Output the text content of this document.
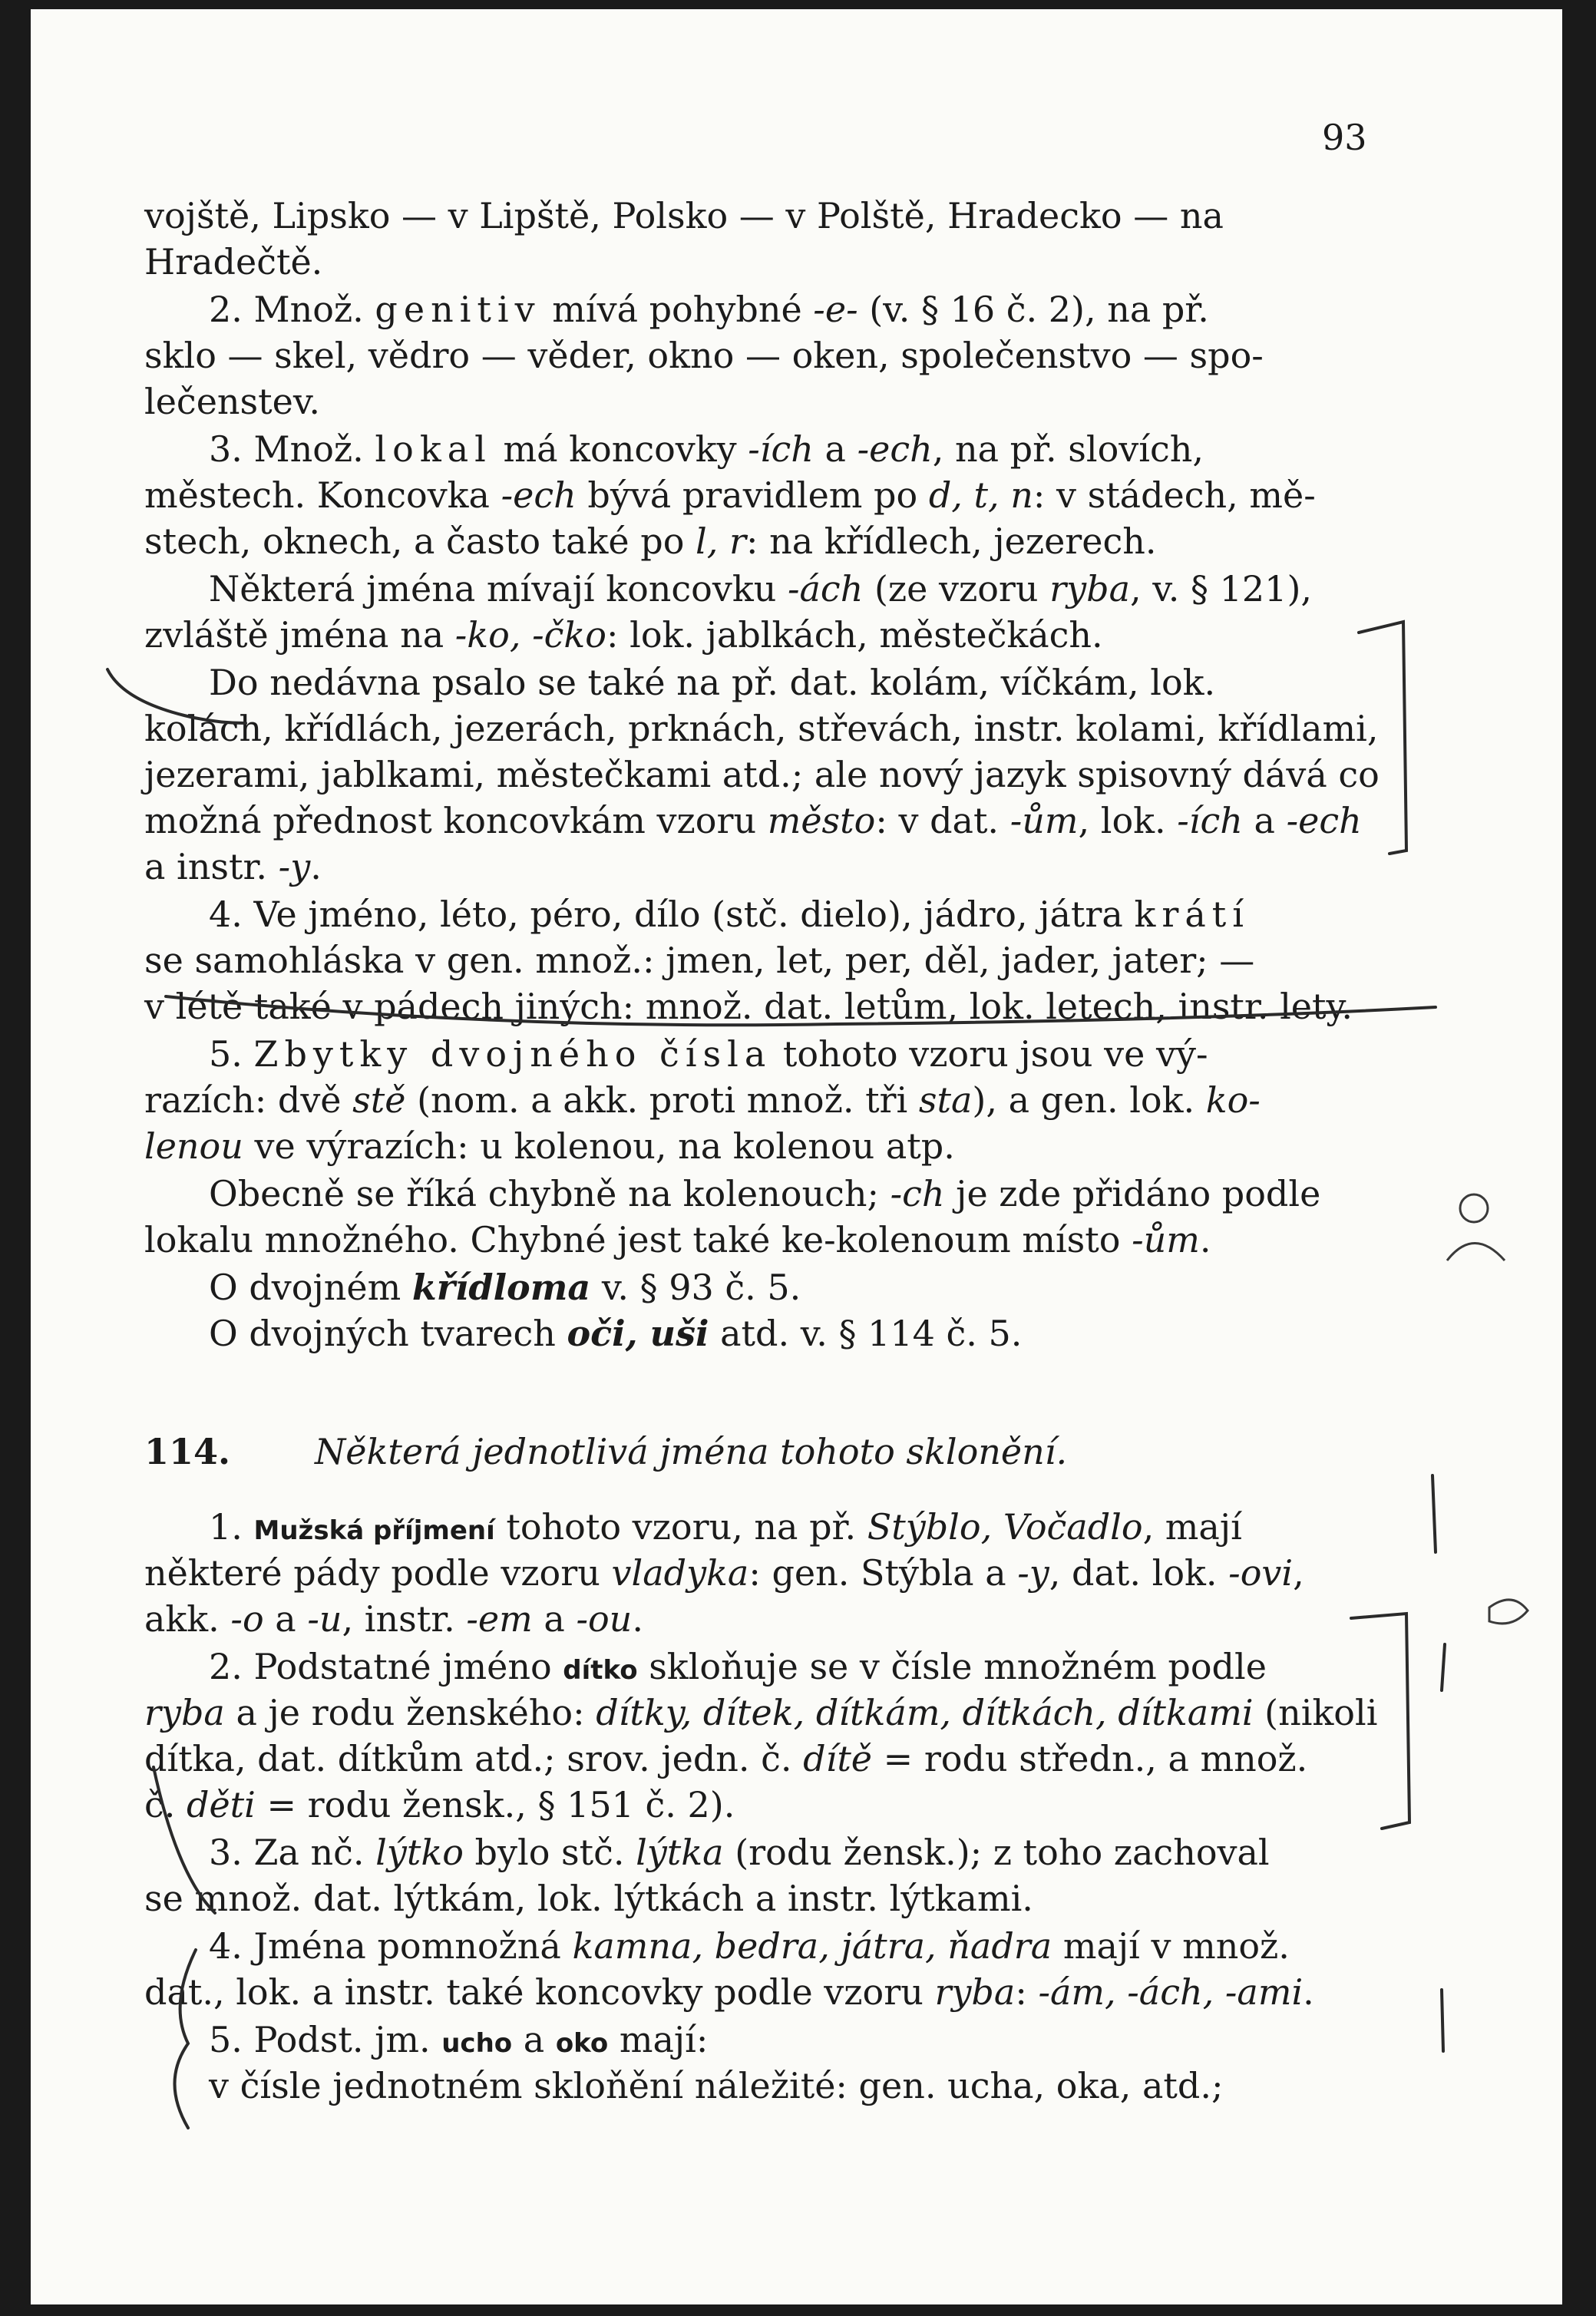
93
vojště, Lipsko — v Lipště, Polsko — v Polště, Hradecko — na
Hradečtě.
2. Množ. genitiv mívá pohybné -e- (v. § 16 č. 2), na př.
sklo — skel, vědro — věder, okno — oken, společenstvo — spo-
lečenstev.
3. Množ. lokal má koncovky -ích a -ech, na př. slovích,
městech. Koncovka -ech bývá pravidlem po d, t, n: v stádech, mě-
stech, oknech, a často také po l, r: na křídlech, jezerech.
Některá jména mívají koncovku -ách (ze vzoru ryba, v. § 121),
zvláště jména na -ko, -čko: lok. jablkách, městečkách.
Do nedávna psalo se také na př. dat. kolám, víčkám, lok.
kolách, křídlách, jezerách, prknách, střevách, instr. kolami, křídlami,
jezerami, jablkami, městečkami atd.; ale nový jazyk spisovný dává co
možná přednost koncovkám vzoru město: v dat. -ům, lok. -ích a -ech
a instr. -y.
4. Ve jméno, léto, péro, dílo (stč. dielo), jádro, játra krátí
se samohláska v gen. množ.: jmen, let, per, děl, jader, jater; —
v létě také v pádech jiných: množ. dat. letům, lok. letech, instr. lety.
5. Zbytky dvojného čísla tohoto vzoru jsou ve vý-
razích: dvě stě (nom. a akk. proti množ. tři sta), a gen. lok. ko-
lenou ve výrazích: u kolenou, na kolenou atp.
Obecně se říká chybně na kolenouch; -ch je zde přidáno podle
lokalu množného. Chybné jest také ke-kolenoum místo -ům.
O dvojném křídloma v. § 93 č. 5.
O dvojných tvarech oči, uši atd. v. § 114 č. 5.
114. Některá jednotlivá jména tohoto sklonění.
1. Mužská příjmení tohoto vzoru, na př. Stýblo, Vočadlo, mají
některé pády podle vzoru vladyka: gen. Stýbla a -y, dat. lok. -ovi,
akk. -o a -u, instr. -em a -ou.
2. Podstatné jméno dítko skloňuje se v čísle množném podle
ryba a je rodu ženského: dítky, dítek, dítkám, dítkách, dítkami (nikoli
dítka, dat. dítkům atd.; srov. jedn. č. dítě = rodu středn., a množ.
č. děti = rodu žensk., § 151 č. 2).
3. Za nč. lýtko bylo stč. lýtka (rodu žensk.); z toho zachoval
se množ. dat. lýtkám, lok. lýtkách a instr. lýtkami.
4. Jména pomnožná kamna, bedra, játra, ňadra mají v množ.
dat., lok. a instr. také koncovky podle vzoru ryba: -ám, -ách, -ami.
5. Podst. jm. ucho a oko mají:
v čísle jednotném skloňění náležité: gen. ucha, oka, atd.;
